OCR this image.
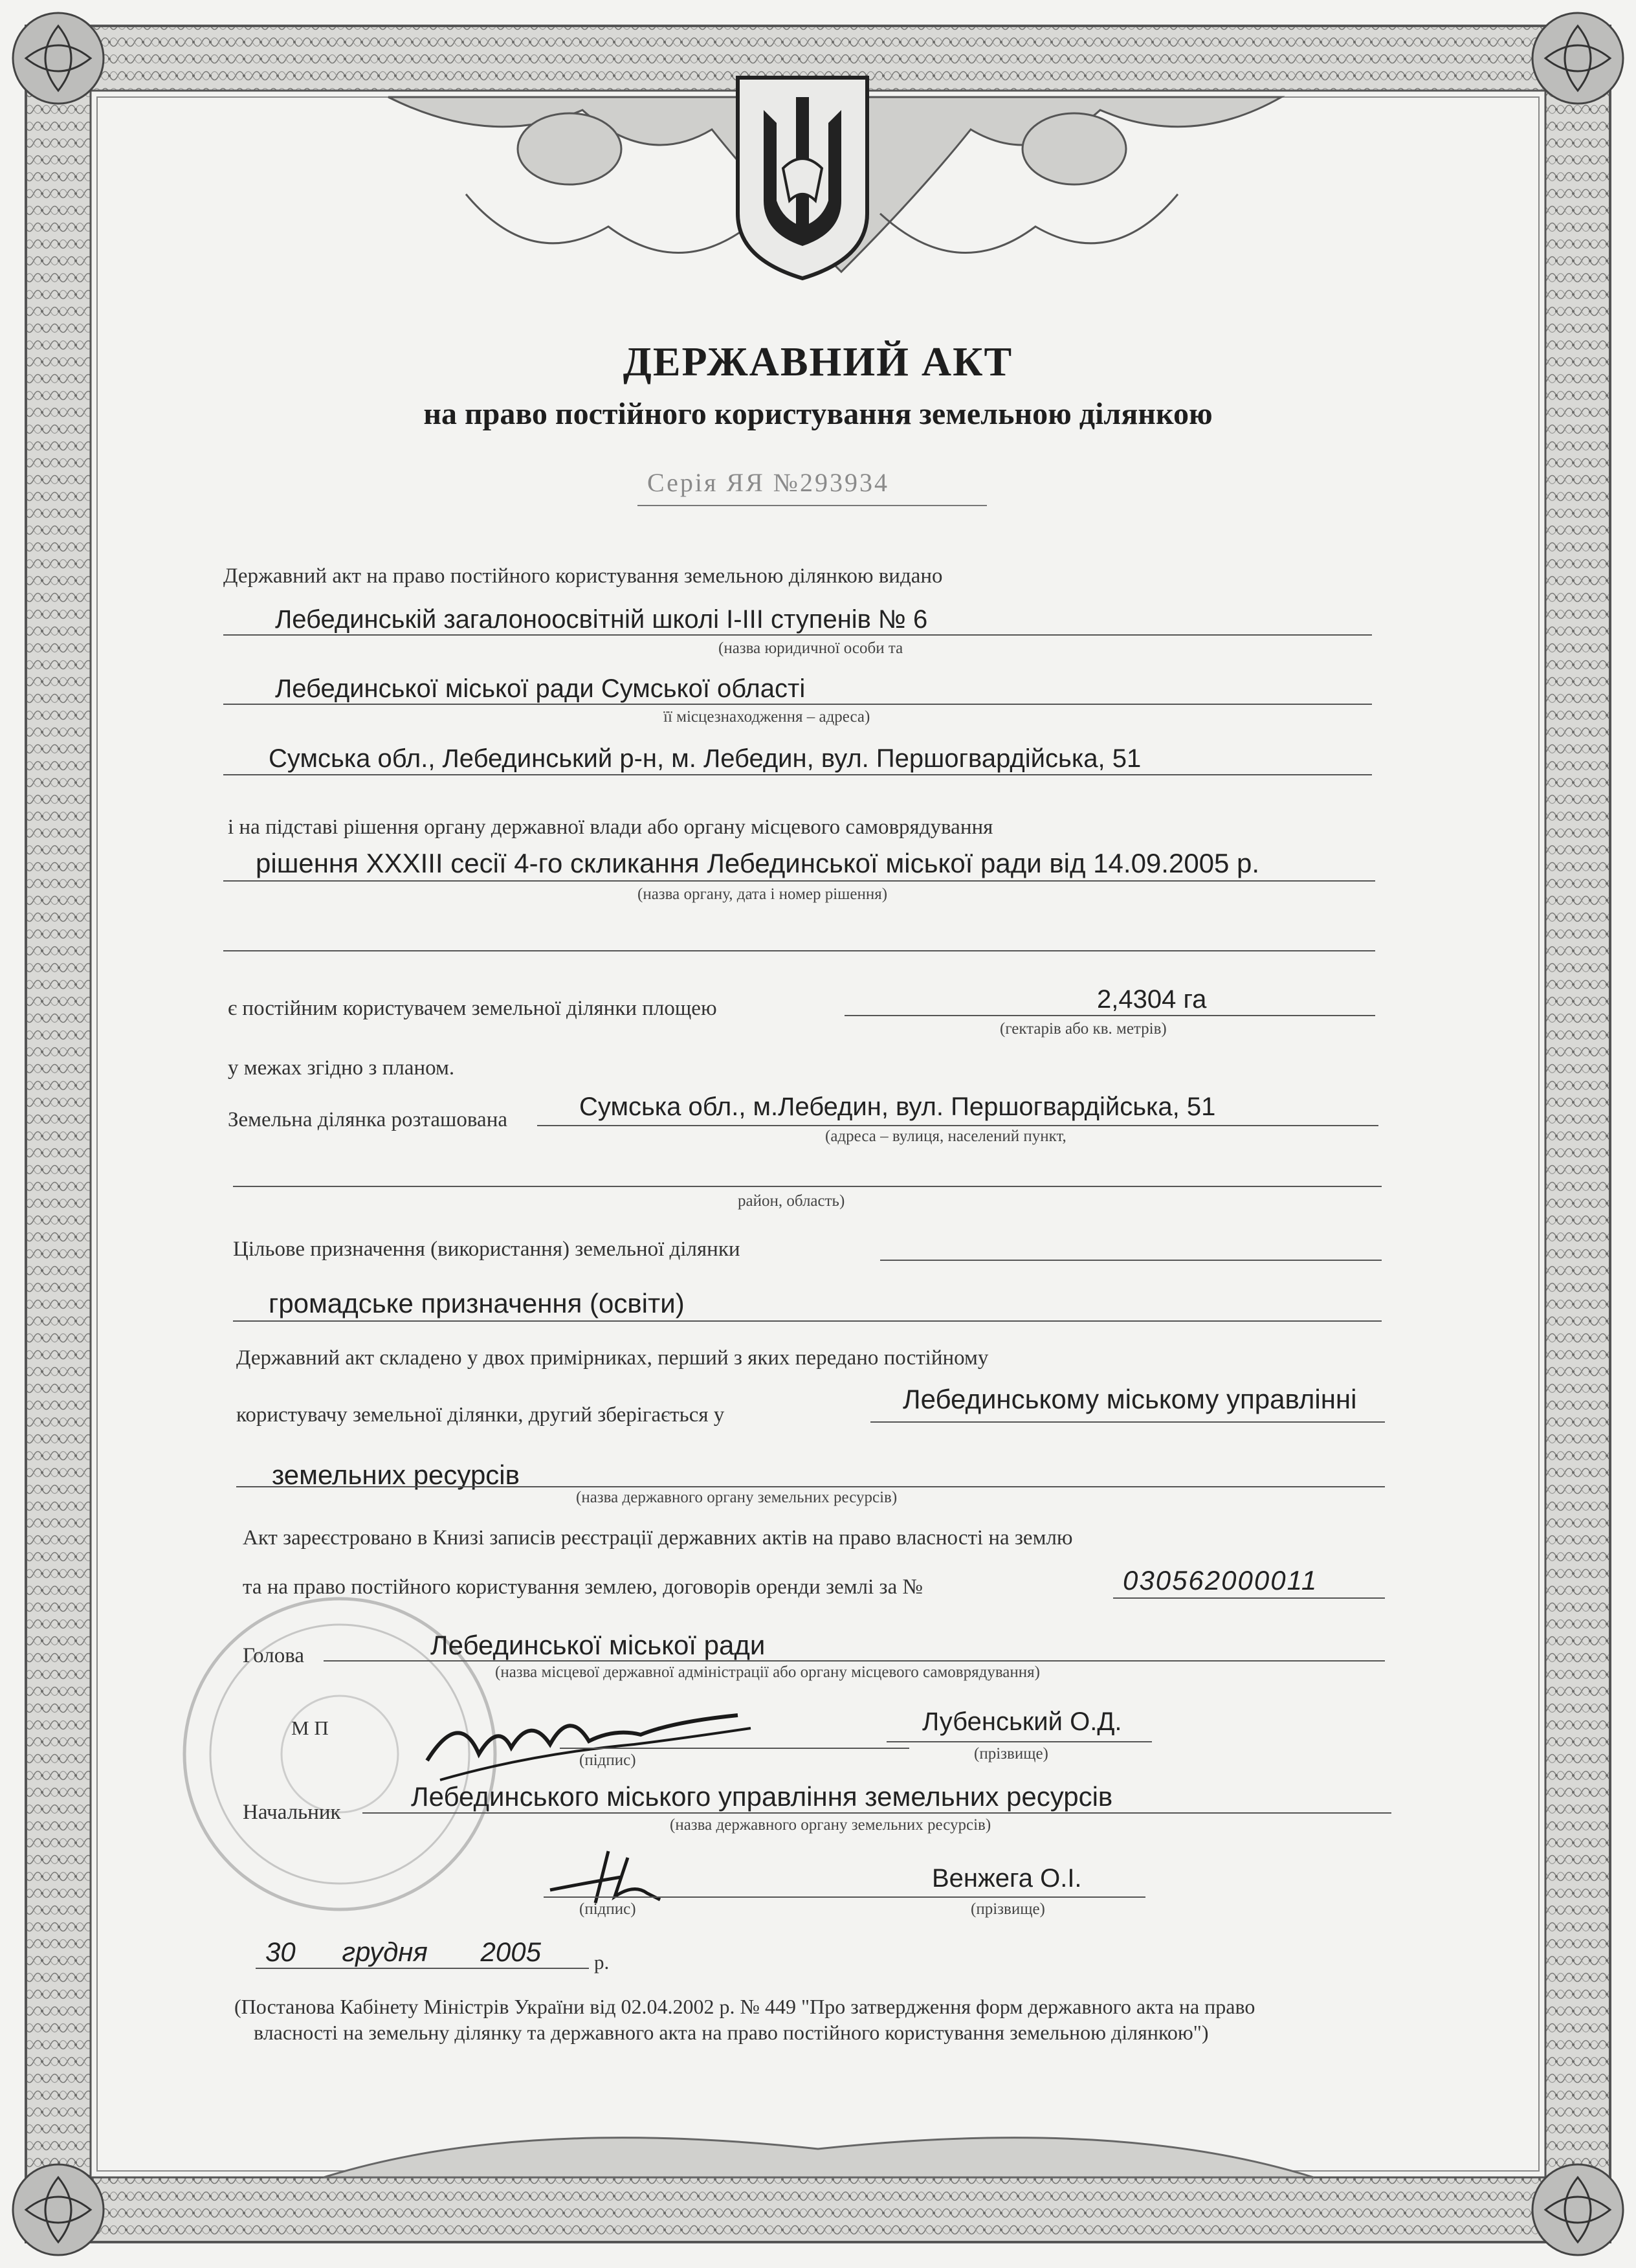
ДЕРЖАВНИЙ АКТ
на право постійного користування земельною ділянкою
Серія ЯЯ №293934
Державний акт на право постійного користування земельною ділянкою видано
Лебединській загалоноосвітній школі І-ІІІ ступенів № 6
(назва юридичної особи та
Лебединської міської ради Сумської області
її місцезнаходження – адреса)
Сумська обл., Лебединський р-н, м. Лебедин, вул. Першогвардійська, 51
і на підставі рішення органу державної влади або органу місцевого самоврядування
рішення XXXIII сесії 4-го скликання Лебединської міської ради від 14.09.2005 р.
(назва органу, дата і номер рішення)
є постійним користувачем земельної ділянки площею	2,4304 га
(гектарів або кв. метрів)
у межах згідно з планом.
Земельна ділянка розташована	Сумська обл., м.Лебедин, вул. Першогвардійська, 51
(адреса – вулиця, населений пункт,
район, область)
Цільове призначення (використання) земельної ділянки
громадське призначення (освіти)
Державний акт складено у двох примірниках, перший з яких передано постійному
користувачу земельної ділянки, другий зберігається у
Лебединському міському управлінні
земельних ресурсів
(назва державного органу земельних ресурсів)
Акт зареєстровано в Книзі записів реєстрації державних актів на право власності на землю
та на право постійного користування землею, договорів оренди землі за №	030562000011
Голова	Лебединської міської ради
(назва місцевої державної адміністрації або органу місцевого самоврядування)
М П
(підпис)
Лубенський О.Д.
(прізвище)
Начальник
Лебединського міського управління земельних ресурсів
(назва державного органу земельних ресурсів)
(підпис)
Венжега О.І.
(прізвище)
30 грудня 2005	р.
(Постанова Кабінету Міністрів України від 02.04.2002 р. № 449 "Про затвердження форм державного акта на право
власності на земельну ділянку та державного акта на право постійного користування земельною ділянкою")
